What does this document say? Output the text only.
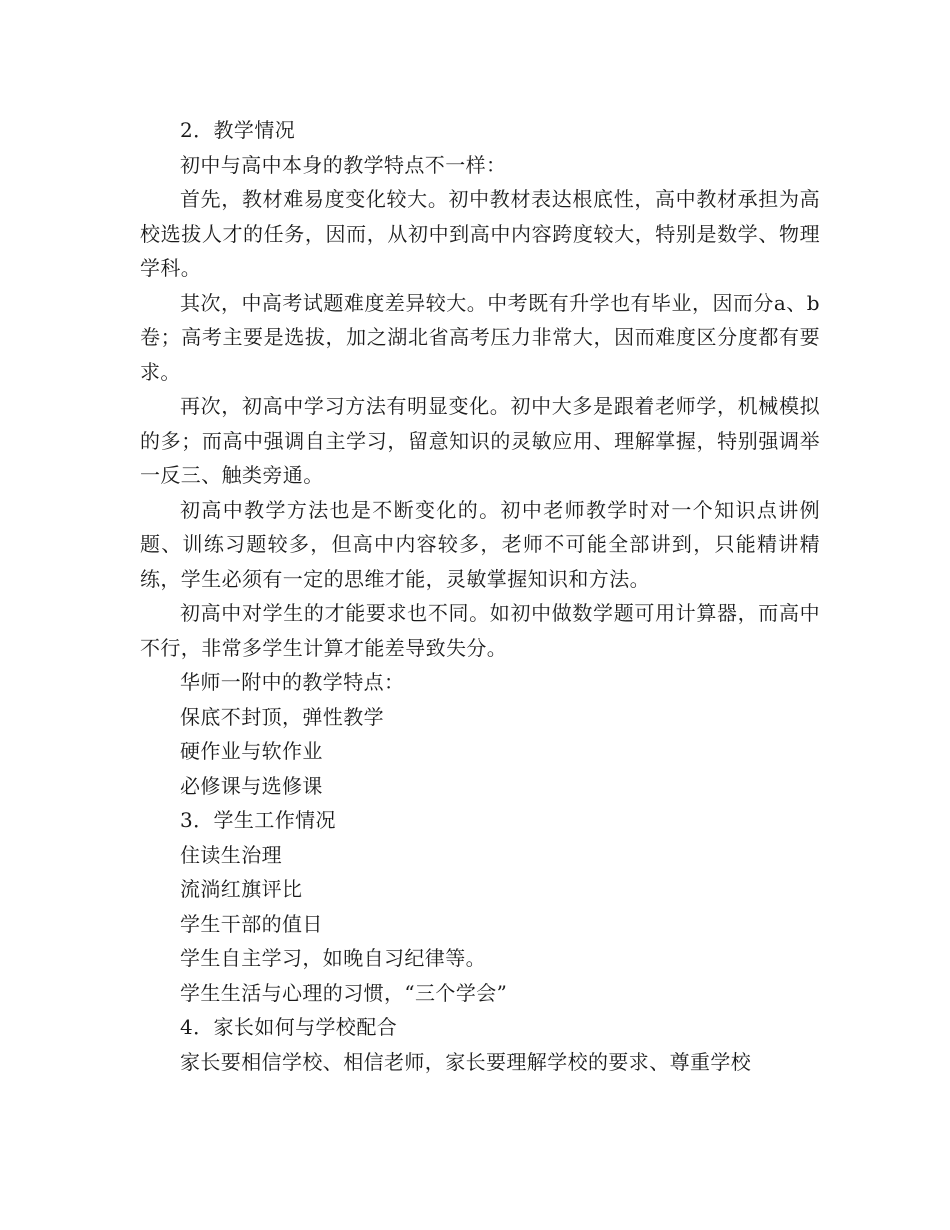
2．教学情况

初中与高中本身的教学特点不一样：

首先，教材难易度变化较大。初中教材表达根底性，高中教材承担为高校选拔人才的任务，因而，从初中到高中内容跨度较大，特别是数学、物理学科。

其次，中高考试题难度差异较大。中考既有升学也有毕业，因而分a、b卷；高考主要是选拔，加之湖北省高考压力非常大，因而难度区分度都有要求。

再次，初高中学习方法有明显变化。初中大多是跟着老师学，机械模拟的多；而高中强调自主学习，留意知识的灵敏应用、理解掌握，特别强调举一反三、触类旁通。

初高中教学方法也是不断变化的。初中老师教学时对一个知识点讲例题、训练习题较多，但高中内容较多，老师不可能全部讲到，只能精讲精练，学生必须有一定的思维才能，灵敏掌握知识和方法。

初高中对学生的才能要求也不同。如初中做数学题可用计算器，而高中不行，非常多学生计算才能差导致失分。

华师一附中的教学特点：

保底不封顶，弹性教学

硬作业与软作业

必修课与选修课

3．学生工作情况

住读生治理

流淌红旗评比

学生干部的值日

学生自主学习，如晚自习纪律等。

学生生活与心理的习惯，“三个学会”

4．家长如何与学校配合

家长要相信学校、相信老师，家长要理解学校的要求、尊重学校
